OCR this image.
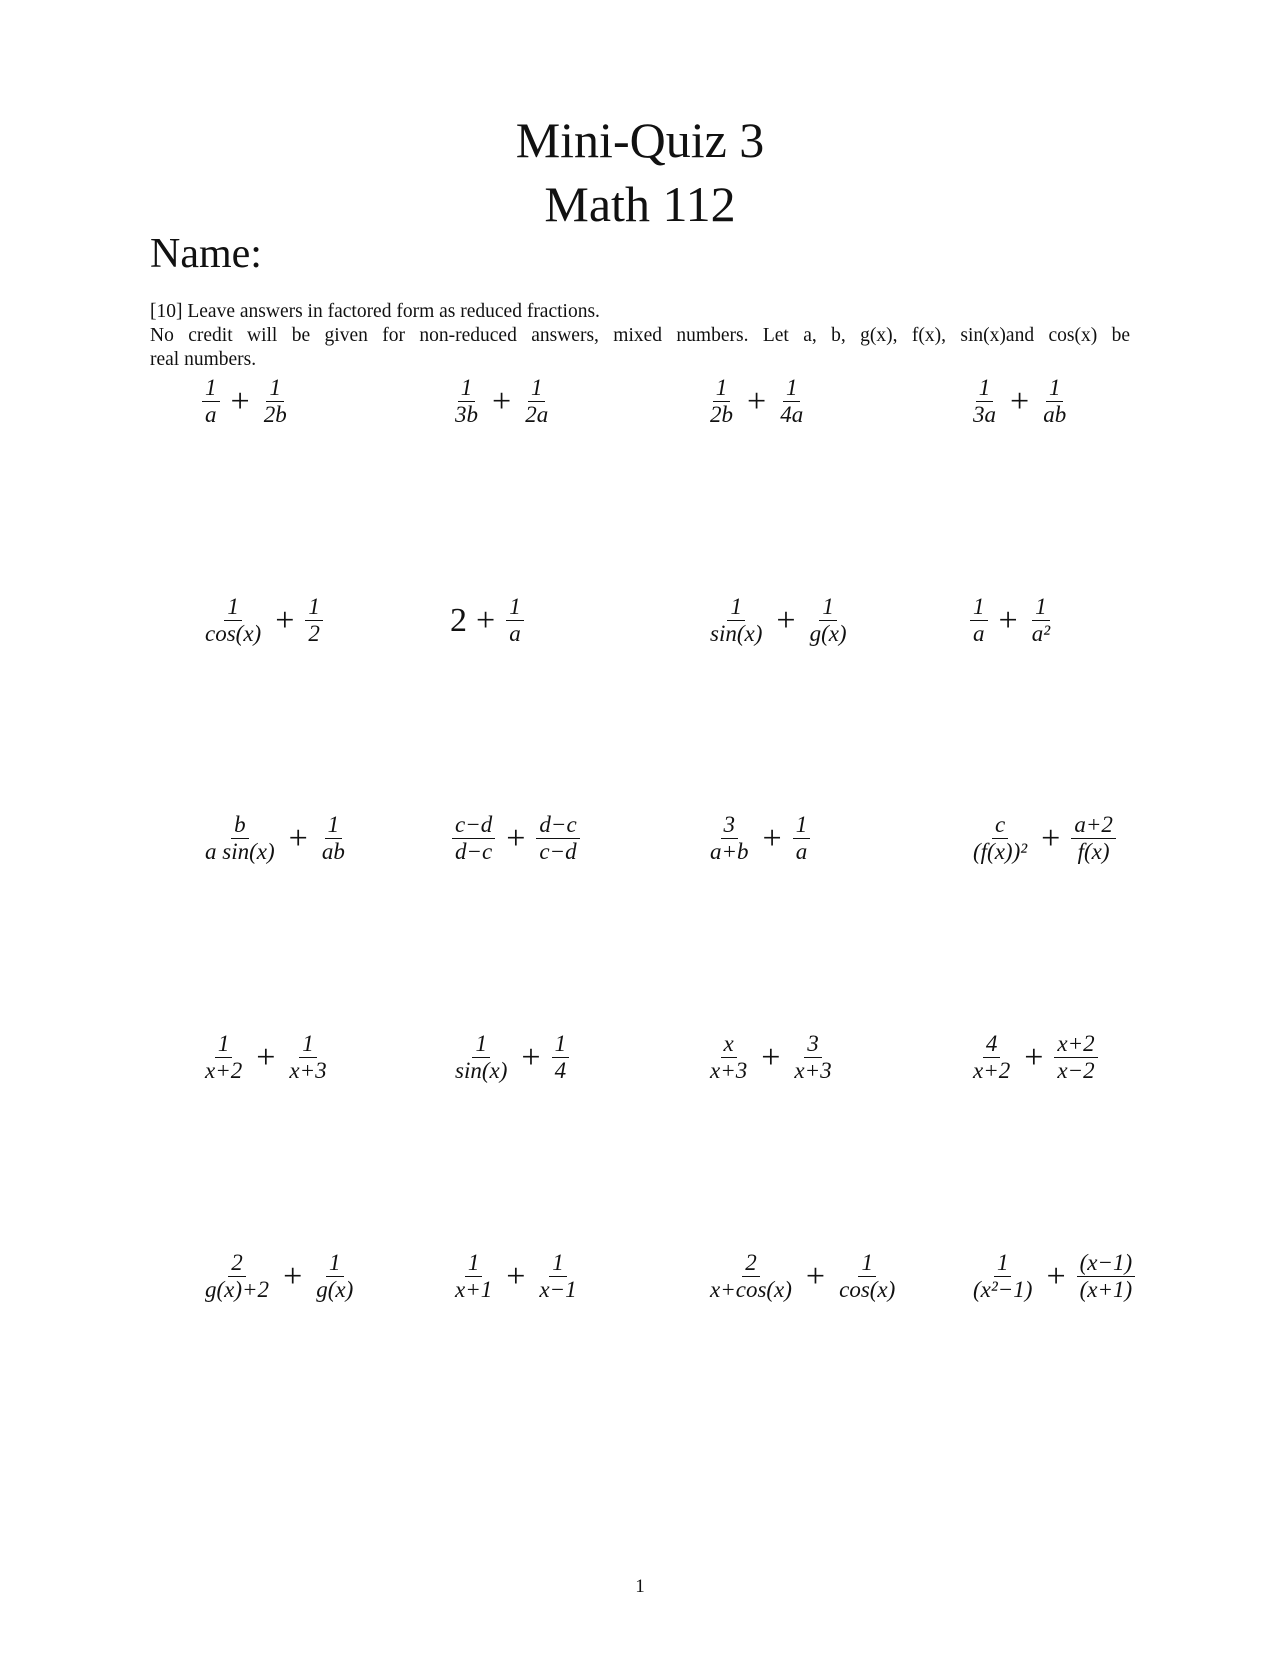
Mini-Quiz 3
Math 112
Name:
[10] Leave answers in factored form as reduced fractions.
No credit will be given for non-reduced answers, mixed numbers. Let a, b, g(x), f(x), sin(x)and cos(x) be
real numbers.
$\frac{1}{a} + \frac{1}{2b}$	$\frac{1}{3b} + \frac{1}{2a}$	$\frac{1}{2b} + \frac{1}{4a}$	$\frac{1}{3a} + \frac{1}{ab}$
$\frac{1}{\cos(x)} + \frac{1}{2}$	$2 + \frac{1}{a}$	$\frac{1}{\sin(x)} + \frac{1}{g(x)}$	$\frac{1}{a} + \frac{1}{\text{a²}}$
$\frac{b}{\text{a sin(x)}} + \frac{1}{ab}$	$\frac{c-d}{d-c} + \frac{d-c}{c-d}$	$\frac{3}{a+b} + \frac{1}{a}$	$\frac{c}{\text{(f(x))²}} + \frac{a+2}{f(x)}$
$\frac{1}{x+2} + \frac{1}{x+3}$	$\frac{1}{\sin(x)} + \frac{1}{4}$	$\frac{x}{x+3} + \frac{3}{x+3}$	$\frac{4}{x+2} + \frac{x+2}{x-2}$
$\frac{2}{g(x)+2} + \frac{1}{g(x)}$	$\frac{1}{x+1} + \frac{1}{x-1}$	$\frac{2}{x+\cos(x)} + \frac{1}{\cos(x)}$	$\frac{1}{\text{(x²−1)}} + \frac{(x-1)}{(x+1)}$
1
